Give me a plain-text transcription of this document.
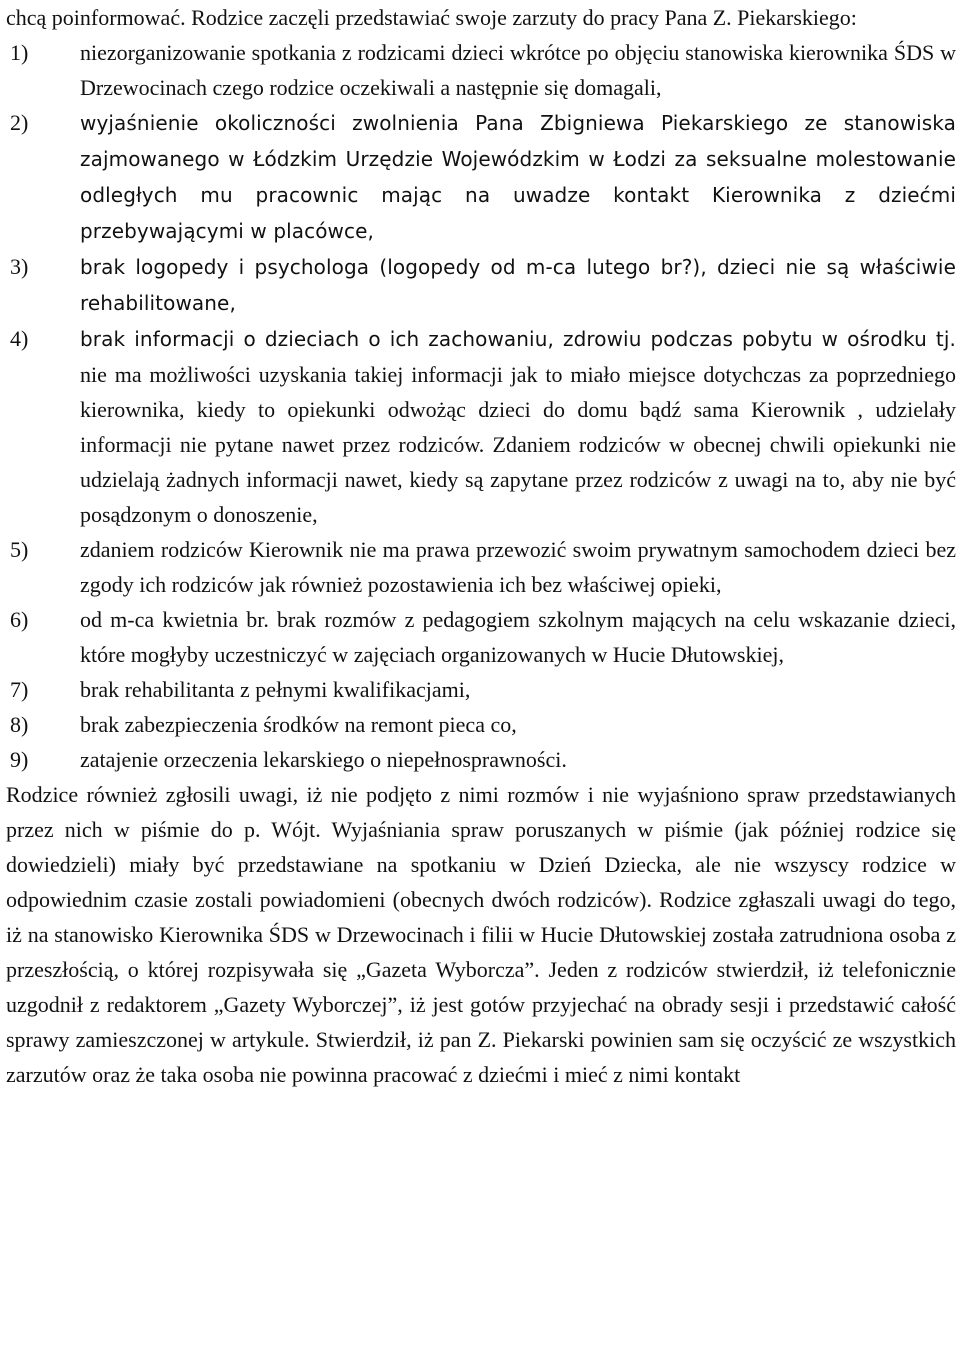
chcą poinformować. Rodzice zaczęli przedstawiać swoje zarzuty do pracy Pana Z. Piekarskiego:

1) niezorganizowanie spotkania z rodzicami dzieci wkrótce po objęciu stanowiska kierownika ŚDS w Drzewocinach czego rodzice oczekiwali a następnie się domagali,
2)	wyjaśnienie okoliczności zwolnienia Pana Zbigniewa Piekarskiego ze stanowiska zajmowanego w Łódzkim Urzędzie Wojewódzkim w Łodzi za seksualne molestowanie odległych mu pracownic mając na uwadze kontakt Kierownika z dziećmi przebywającymi w placówce,
3)	brak logopedy i psychologa (logopedy od m-ca lutego br?), dzieci nie są właściwie rehabilitowane,
4)	brak informacji o dzieciach o ich zachowaniu, zdrowiu podczas pobytu w ośrodku tj. nie ma możliwości uzyskania takiej informacji jak to miało miejsce dotychczas za poprzedniego kierownika, kiedy to opiekunki odwożąc dzieci do domu bądź sama Kierownik , udzielały informacji nie pytane nawet przez rodziców. Zdaniem rodziców w obecnej chwili opiekunki nie udzielają żadnych informacji nawet, kiedy są zapytane przez rodziców z uwagi na to, aby nie być posądzonym o donoszenie,
5) zdaniem rodziców Kierownik nie ma prawa przewozić swoim prywatnym samochodem dzieci bez zgody ich rodziców jak również pozostawienia ich bez właściwej opieki,
6) od m-ca kwietnia br. brak rozmów z pedagogiem szkolnym mających na celu wskazanie dzieci, które mogłyby uczestniczyć w zajęciach organizowanych w Hucie Dłutowskiej,
7) brak rehabilitanta z pełnymi kwalifikacjami,
8) brak zabezpieczenia środków na remont pieca co,
9) zatajenie orzeczenia lekarskiego o niepełnosprawności.

Rodzice również zgłosili uwagi, iż nie podjęto z nimi rozmów i nie wyjaśniono spraw przedstawianych przez nich w piśmie do p. Wójt. Wyjaśniania spraw poruszanych w piśmie (jak później rodzice się dowiedzieli) miały być przedstawiane na spotkaniu w Dzień Dziecka, ale nie wszyscy rodzice w odpowiednim czasie zostali powiadomieni (obecnych dwóch rodziców). Rodzice zgłaszali uwagi do tego, iż na stanowisko Kierownika ŚDS w Drzewocinach i filii w Hucie Dłutowskiej została zatrudniona osoba z przeszłością, o której rozpisywała się „Gazeta Wyborcza”. Jeden z rodziców stwierdził, iż telefonicznie uzgodnił z redaktorem „Gazety Wyborczej”, iż jest gotów przyjechać na obrady sesji i przedstawić całość sprawy zamieszczonej w artykule. Stwierdził, iż pan Z. Piekarski powinien sam się oczyścić ze wszystkich zarzutów oraz że taka osoba nie powinna pracować z dziećmi i mieć z nimi kontakt
